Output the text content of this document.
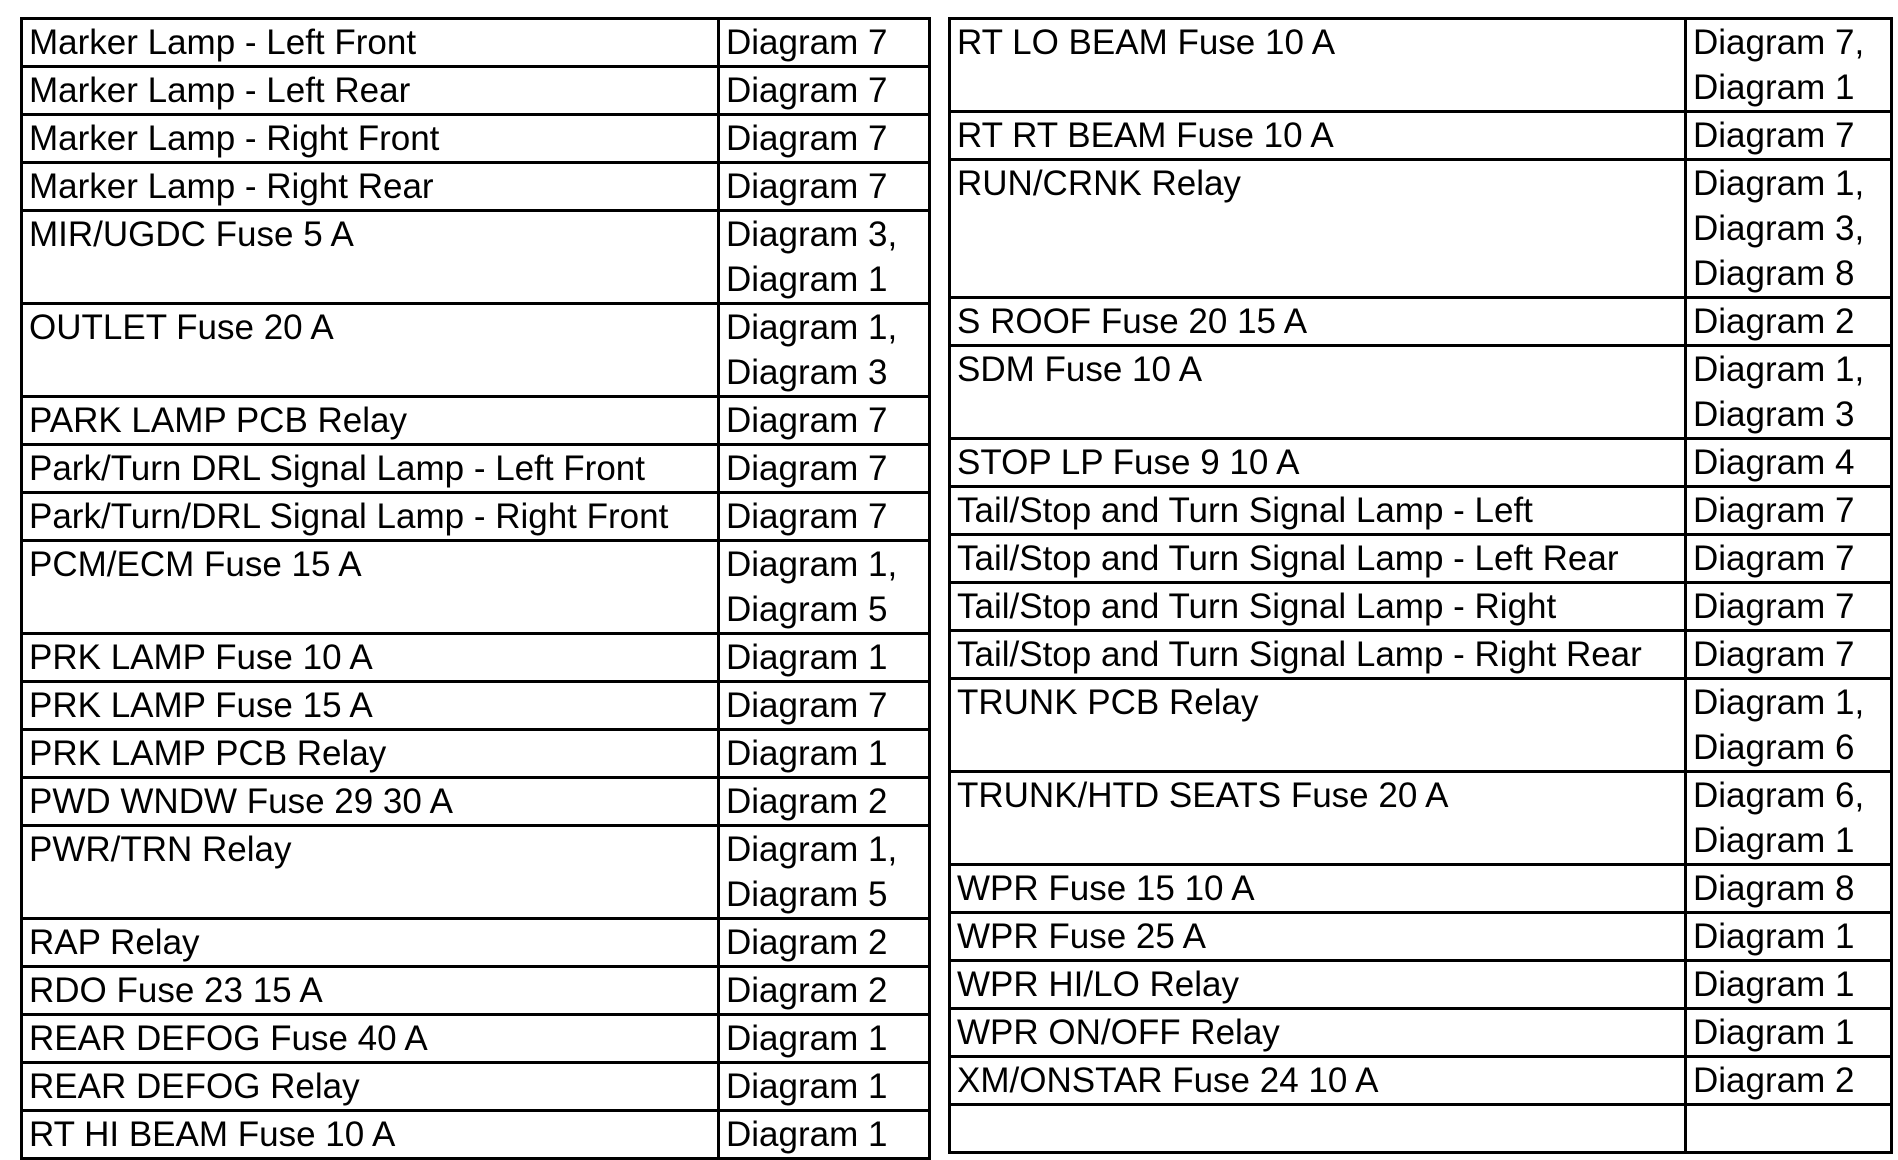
Marker Lamp - Left Front	Diagram 7

Marker Lamp - Left Rear	Diagram 7

Marker Lamp - Right Front	Diagram 7

Marker Lamp - Right Rear	Diagram 7

MIR/UGDC Fuse 5 A	Diagram 3,
Diagram 1

OUTLET Fuse 20 A	Diagram 1,
Diagram 3

PARK LAMP PCB Relay	Diagram 7

Park/Turn DRL Signal Lamp - Left Front	Diagram 7

Park/Turn/DRL Signal Lamp - Right Front	Diagram 7

PCM/ECM Fuse 15 A	Diagram 1,
Diagram 5

PRK LAMP Fuse 10 A	Diagram 1

PRK LAMP Fuse 15 A	Diagram 7

PRK LAMP PCB Relay	Diagram 1

PWD WNDW Fuse 29 30 A	Diagram 2

PWR/TRN Relay	Diagram 1,
Diagram 5

RAP Relay	Diagram 2

RDO Fuse 23 15 A	Diagram 2

REAR DEFOG Fuse 40 A	Diagram 1

REAR DEFOG Relay	Diagram 1

RT HI BEAM Fuse 10 A	Diagram 1
RT LO BEAM Fuse 10 A	Diagram 7,
Diagram 1

RT RT BEAM Fuse 10 A	Diagram 7

RUN/CRNK Relay	Diagram 1,
Diagram 3,
Diagram 8

S ROOF Fuse 20 15 A	Diagram 2

SDM Fuse 10 A	Diagram 1,
Diagram 3

STOP LP Fuse 9 10 A	Diagram 4

Tail/Stop and Turn Signal Lamp - Left	Diagram 7

Tail/Stop and Turn Signal Lamp - Left Rear	Diagram 7

Tail/Stop and Turn Signal Lamp - Right	Diagram 7

Tail/Stop and Turn Signal Lamp - Right Rear	Diagram 7

TRUNK PCB Relay	Diagram 1,
Diagram 6

TRUNK/HTD SEATS Fuse 20 A	Diagram 6,
Diagram 1

WPR Fuse 15 10 A	Diagram 8

WPR Fuse 25 A	Diagram 1

WPR HI/LO Relay	Diagram 1

WPR ON/OFF Relay	Diagram 1

XM/ONSTAR Fuse 24 10 A	Diagram 2
